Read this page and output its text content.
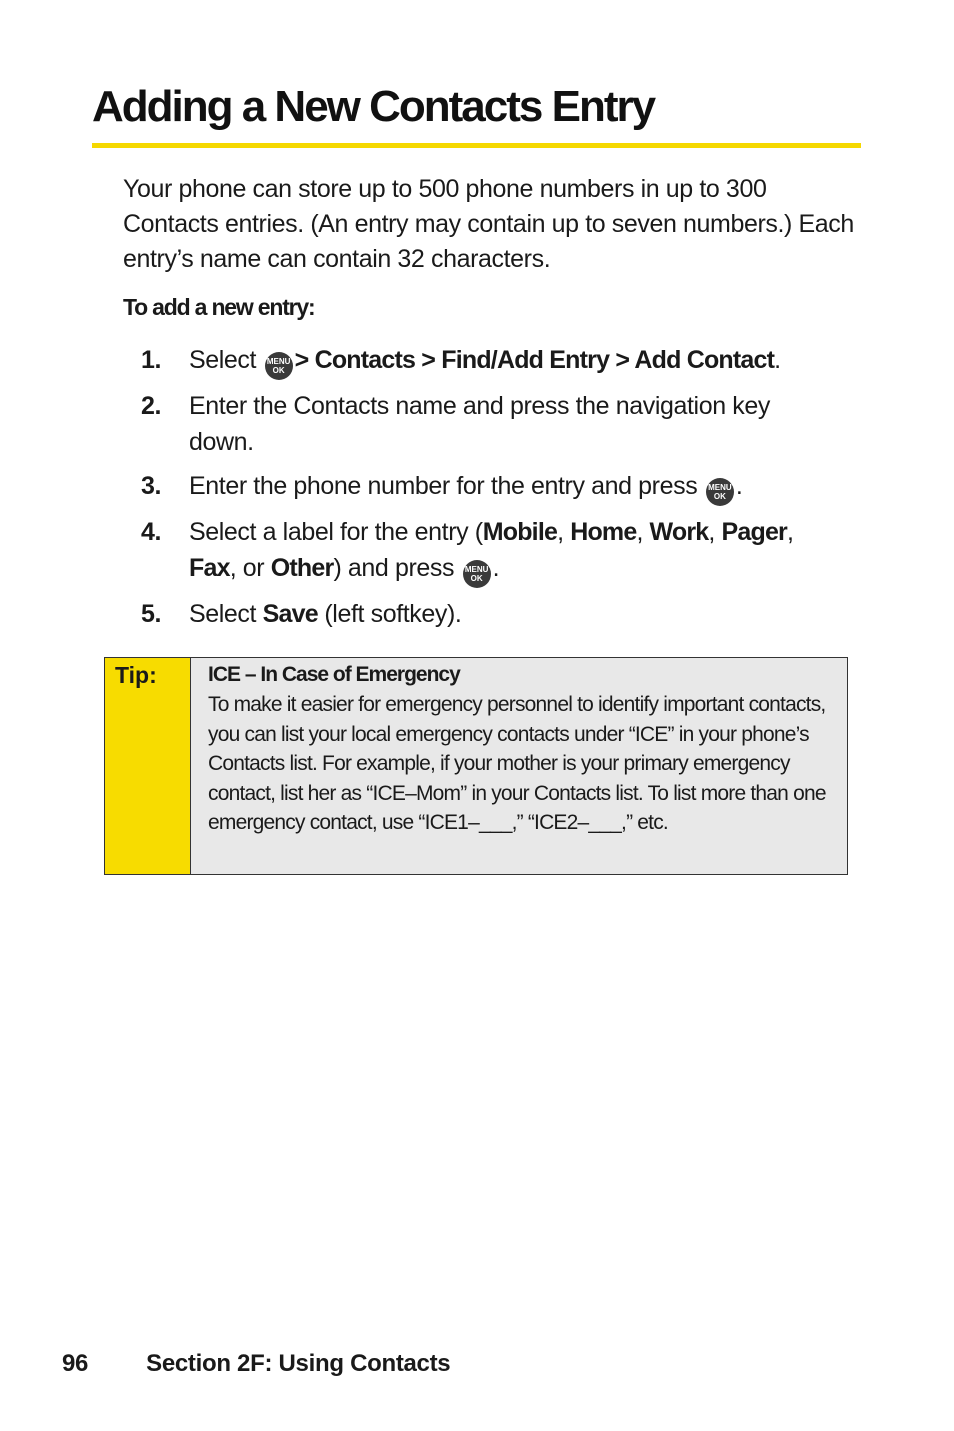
Adding a New Contacts Entry

Your phone can store up to 500 phone numbers in up to 300 Contacts entries. (An entry may contain up to seven numbers.) Each entry’s name can contain 32 characters.

To add a new entry:

1. Select MENU
OK > Contacts > Find/Add Entry > Add Contact.
2. Enter the Contacts name and press the navigation key down.
3. Enter the phone number for the entry and press MENU
OK .
4. Select a label for the entry (Mobile, Home, Work, Pager, Fax, or Other) and press MENU
OK .
5. Select Save (left softkey).
Tip: ICE – In Case of Emergency

To make it easier for emergency personnel to identify important contacts, you can list your local emergency contacts under “ICE” in your phone’s Contacts list. For example, if your mother is your primary emergency contact, list her as “ICE–Mom” in your Contacts list. To list more than one emergency contact, use “ICE1–___,” “ICE2–___,” etc.

96 Section 2F: Using Contacts
